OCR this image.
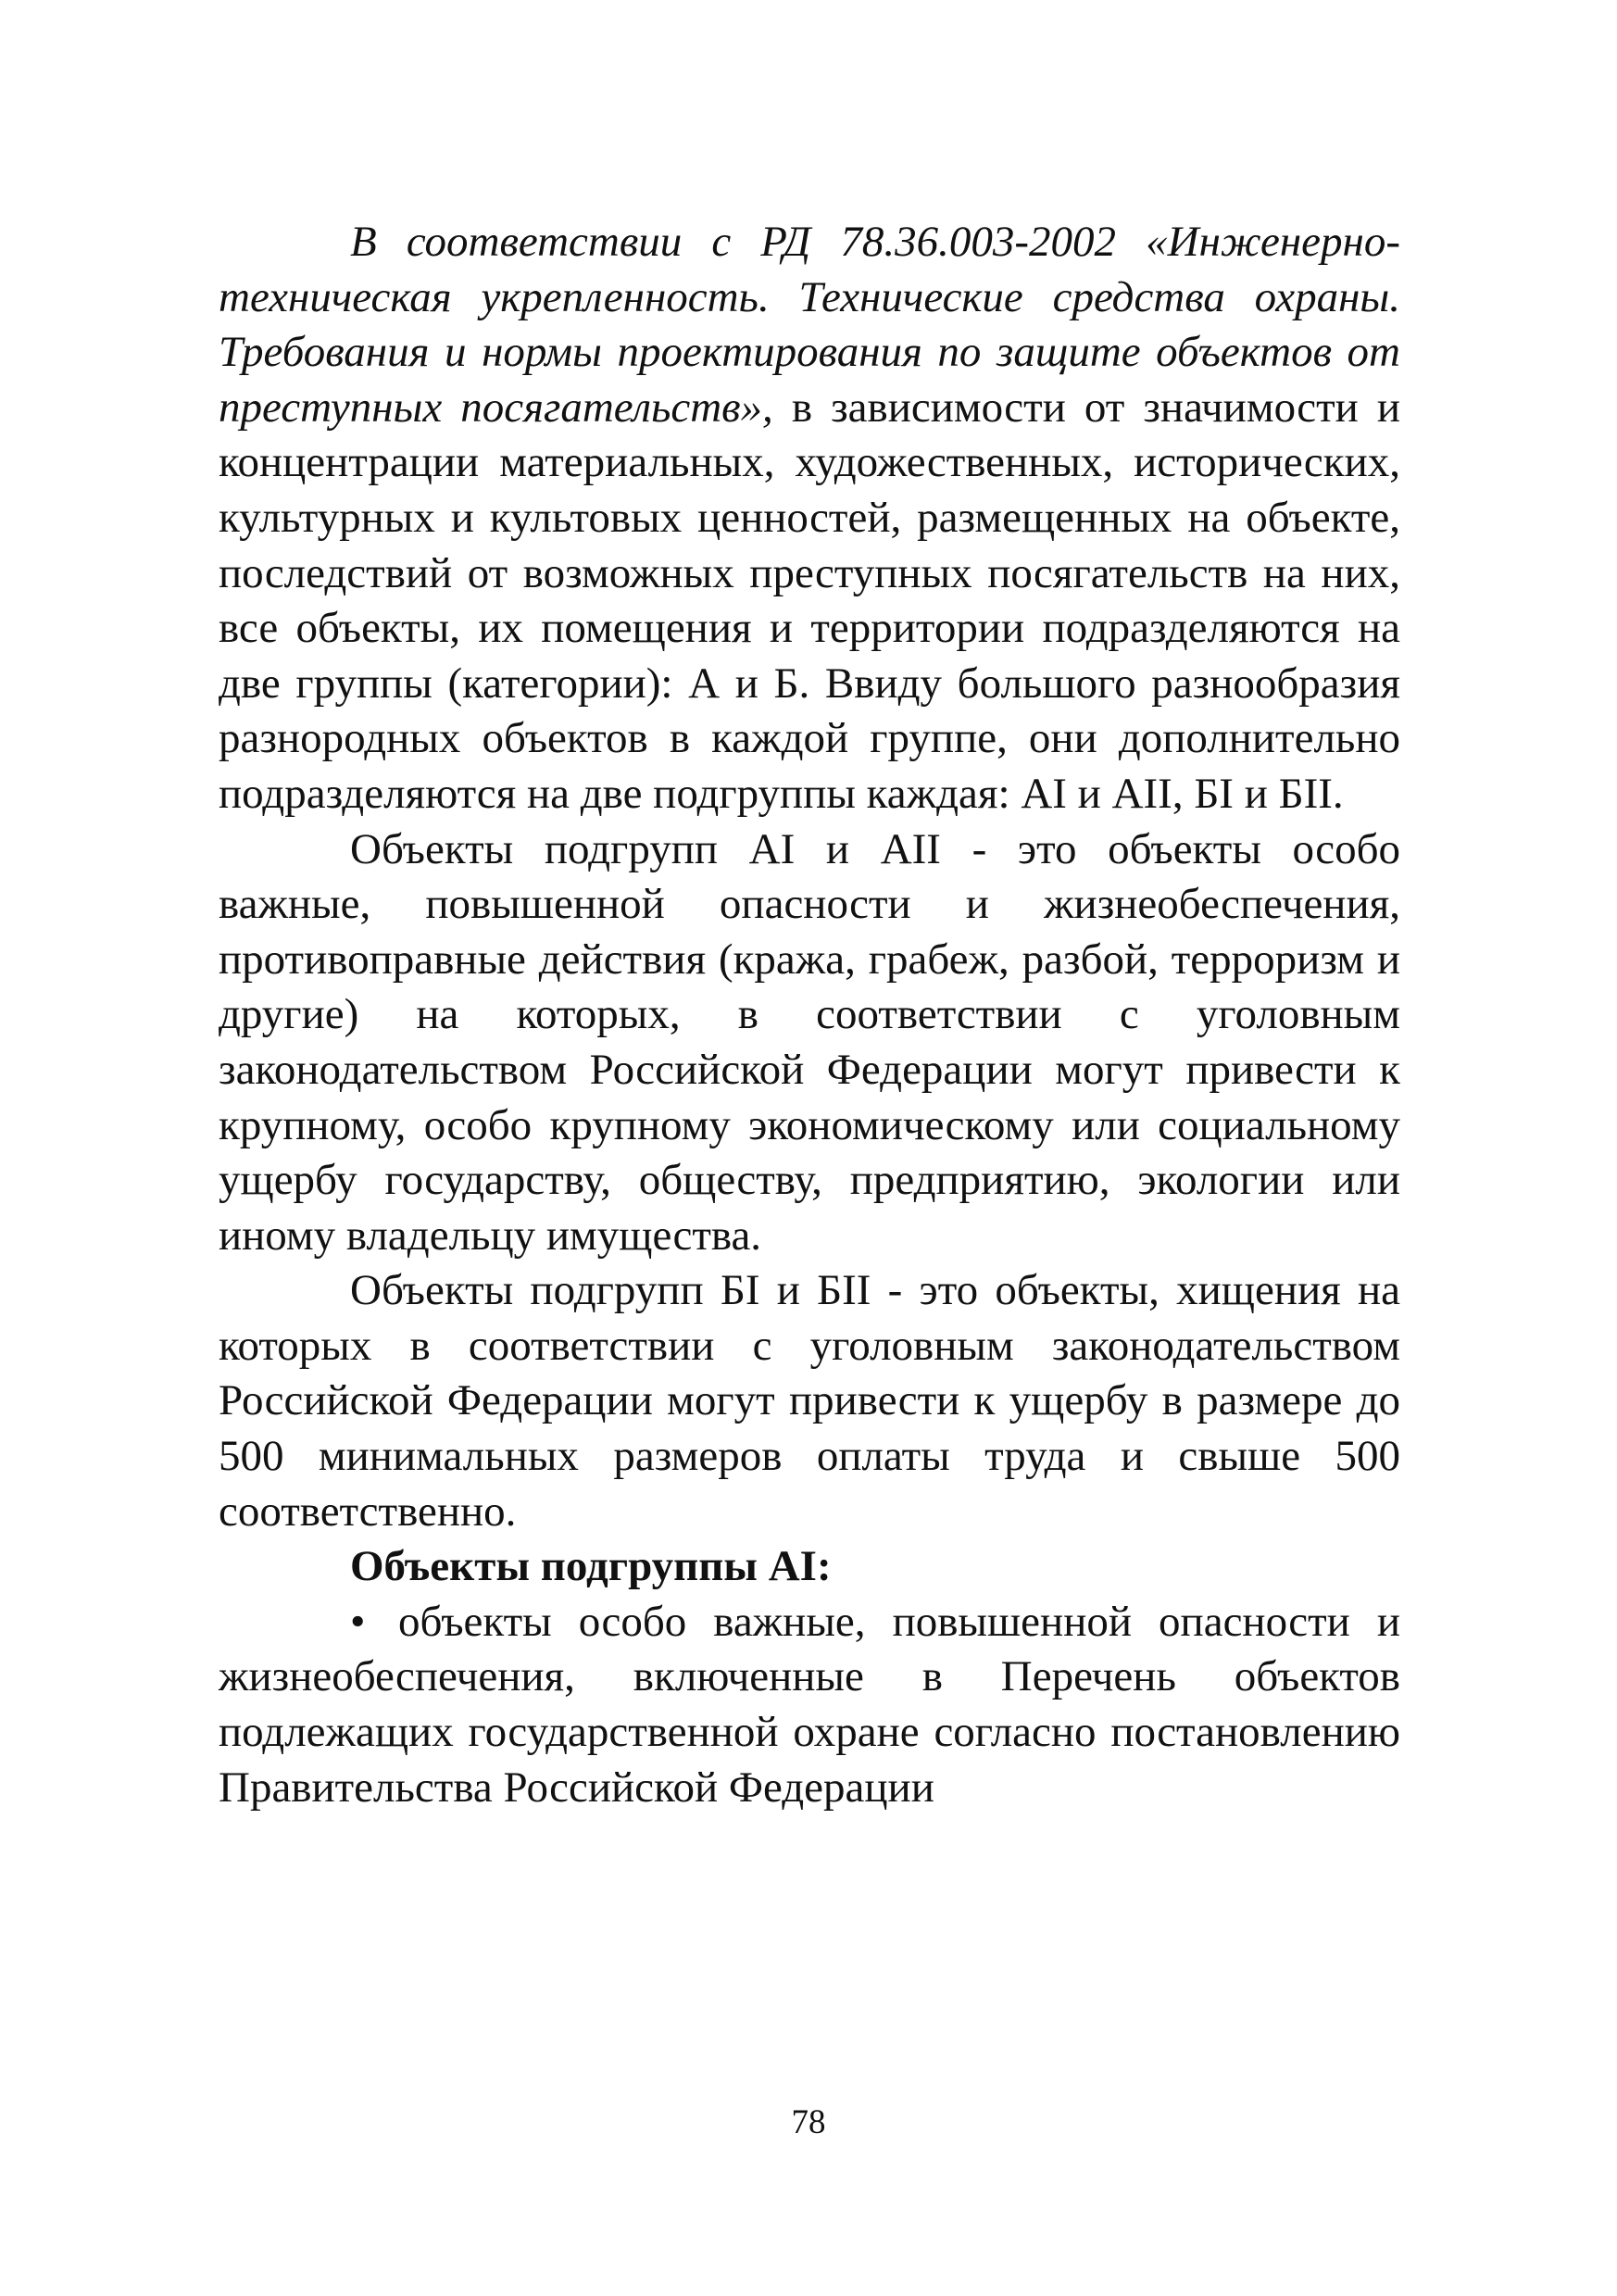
В соответствии с РД 78.36.003-2002 «Инженерно-техническая укрепленность. Технические средства охраны. Требования и нормы проектирования по защите объектов от преступных посягательств», в зависимости от значимости и концентрации материальных, художественных, исторических, культурных и культовых ценностей, размещенных на объекте, последствий от возможных преступных посягательств на них, все объекты, их помещения и территории подразделяются на две группы (категории): А и Б. Ввиду большого разнообразия разнородных объектов в каждой группе, они дополнительно подразделяются на две подгруппы каждая: АI и АII, БI и БII.

Объекты подгрупп АI и АII - это объекты особо важные, повышенной опасности и жизнеобеспечения, противоправные действия (кража, грабеж, разбой, терроризм и другие) на которых, в соответствии с уголовным законодательством Российской Федерации могут привести к крупному, особо крупному экономическому или социальному ущербу государству, обществу, предприятию, экологии или иному владельцу имущества.

Объекты подгрупп БI и БII - это объекты, хищения на которых в соответствии с уголовным законодательством Российской Федерации могут привести к ущербу в размере до 500 минимальных размеров оплаты труда и свыше 500 соответственно.

Объекты подгруппы АI:

• объекты особо важные, повышенной опасности и жизнеобеспечения, включенные в Перечень объектов подлежащих государственной охране согласно постановлению Правительства Российской Федерации

78
